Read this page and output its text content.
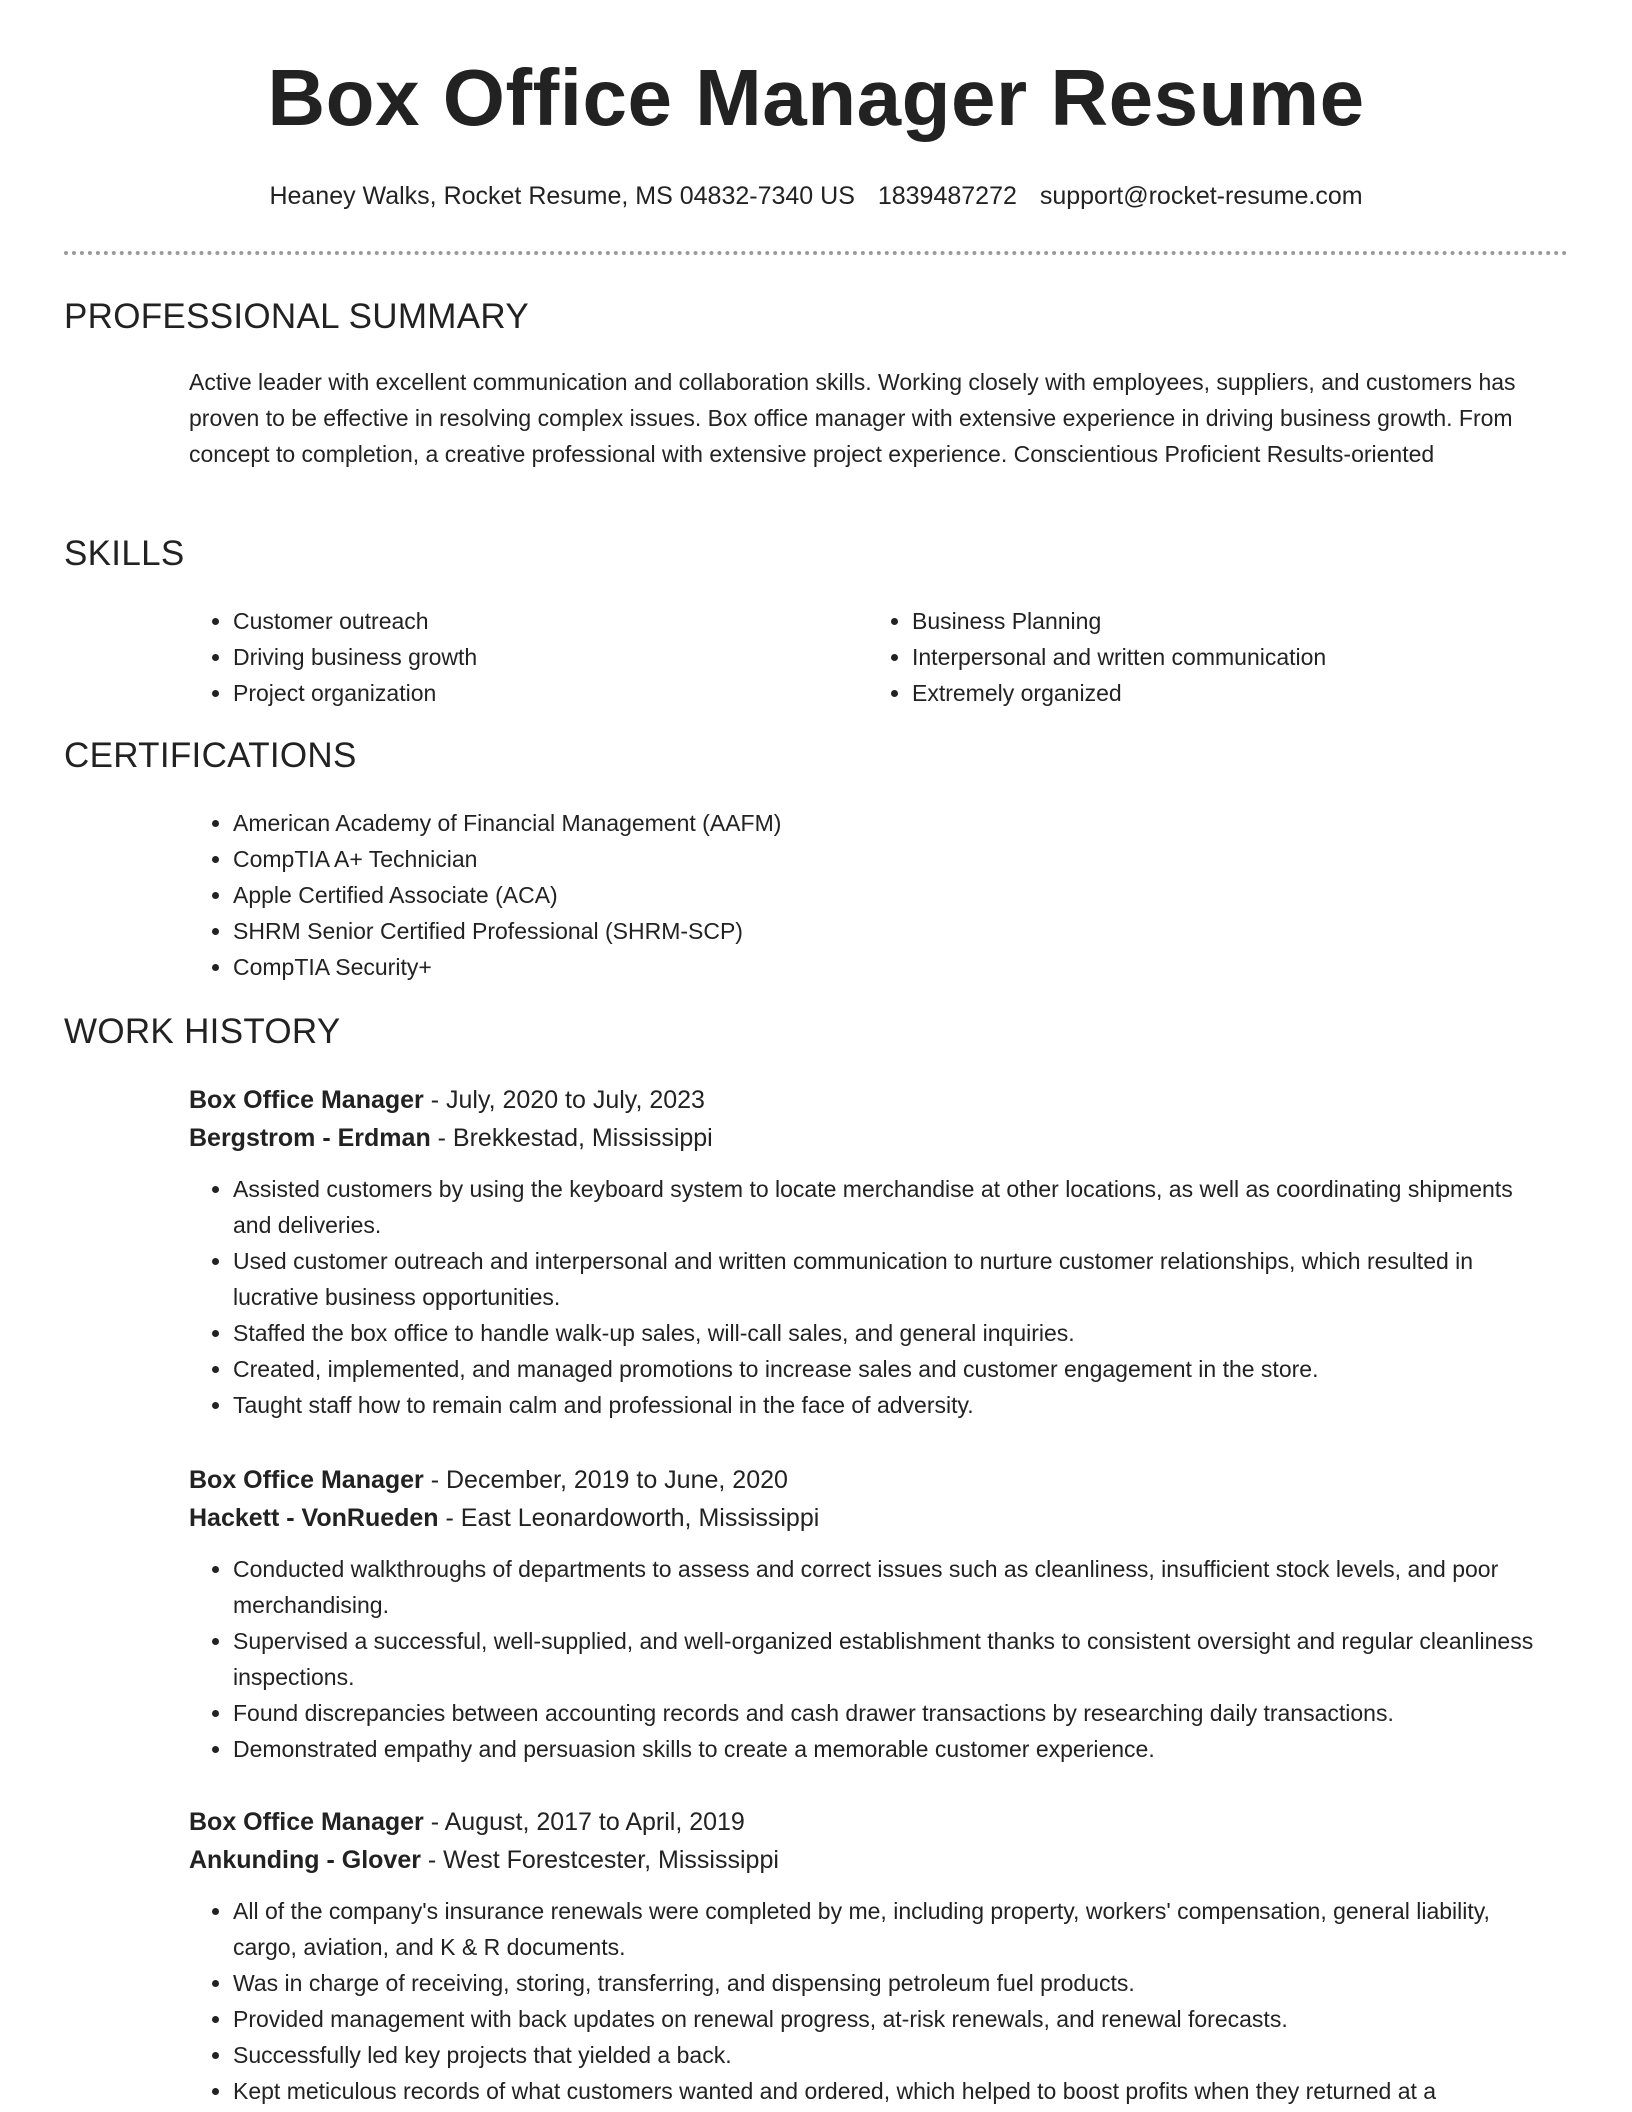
Box Office Manager Resume
Heaney Walks, Rocket Resume, MS 04832-7340 US 1839487272 support@rocket-resume.com
PROFESSIONAL SUMMARY
Active leader with excellent communication and collaboration skills. Working closely with employees, suppliers, and customers has proven to be effective in resolving complex issues. Box office manager with extensive experience in driving business growth. From concept to completion, a creative professional with extensive project experience. Conscientious Proficient Results-oriented
SKILLS
• Customer outreach
• Driving business growth
• Project organization
• Business Planning
• Interpersonal and written communication
• Extremely organized
CERTIFICATIONS
• American Academy of Financial Management (AAFM)
• CompTIA A+ Technician
• Apple Certified Associate (ACA)
• SHRM Senior Certified Professional (SHRM-SCP)
• CompTIA Security+
WORK HISTORY
Box Office Manager - July, 2020 to July, 2023
Bergstrom - Erdman - Brekkestad, Mississippi
• Assisted customers by using the keyboard system to locate merchandise at other locations, as well as coordinating shipments and deliveries.
• Used customer outreach and interpersonal and written communication to nurture customer relationships, which resulted in lucrative business opportunities.
• Staffed the box office to handle walk-up sales, will-call sales, and general inquiries.
• Created, implemented, and managed promotions to increase sales and customer engagement in the store.
• Taught staff how to remain calm and professional in the face of adversity.
Box Office Manager - December, 2019 to June, 2020
Hackett - VonRueden - East Leonardoworth, Mississippi
• Conducted walkthroughs of departments to assess and correct issues such as cleanliness, insufficient stock levels, and poor merchandising.
• Supervised a successful, well-supplied, and well-organized establishment thanks to consistent oversight and regular cleanliness inspections.
• Found discrepancies between accounting records and cash drawer transactions by researching daily transactions.
• Demonstrated empathy and persuasion skills to create a memorable customer experience.
Box Office Manager - August, 2017 to April, 2019
Ankunding - Glover - West Forestcester, Mississippi
• All of the company's insurance renewals were completed by me, including property, workers' compensation, general liability, cargo, aviation, and K & R documents.
• Was in charge of receiving, storing, transferring, and dispensing petroleum fuel products.
• Provided management with back updates on renewal progress, at-risk renewals, and renewal forecasts.
• Successfully led key projects that yielded a back.
• Kept meticulous records of what customers wanted and ordered, which helped to boost profits when they returned at a
